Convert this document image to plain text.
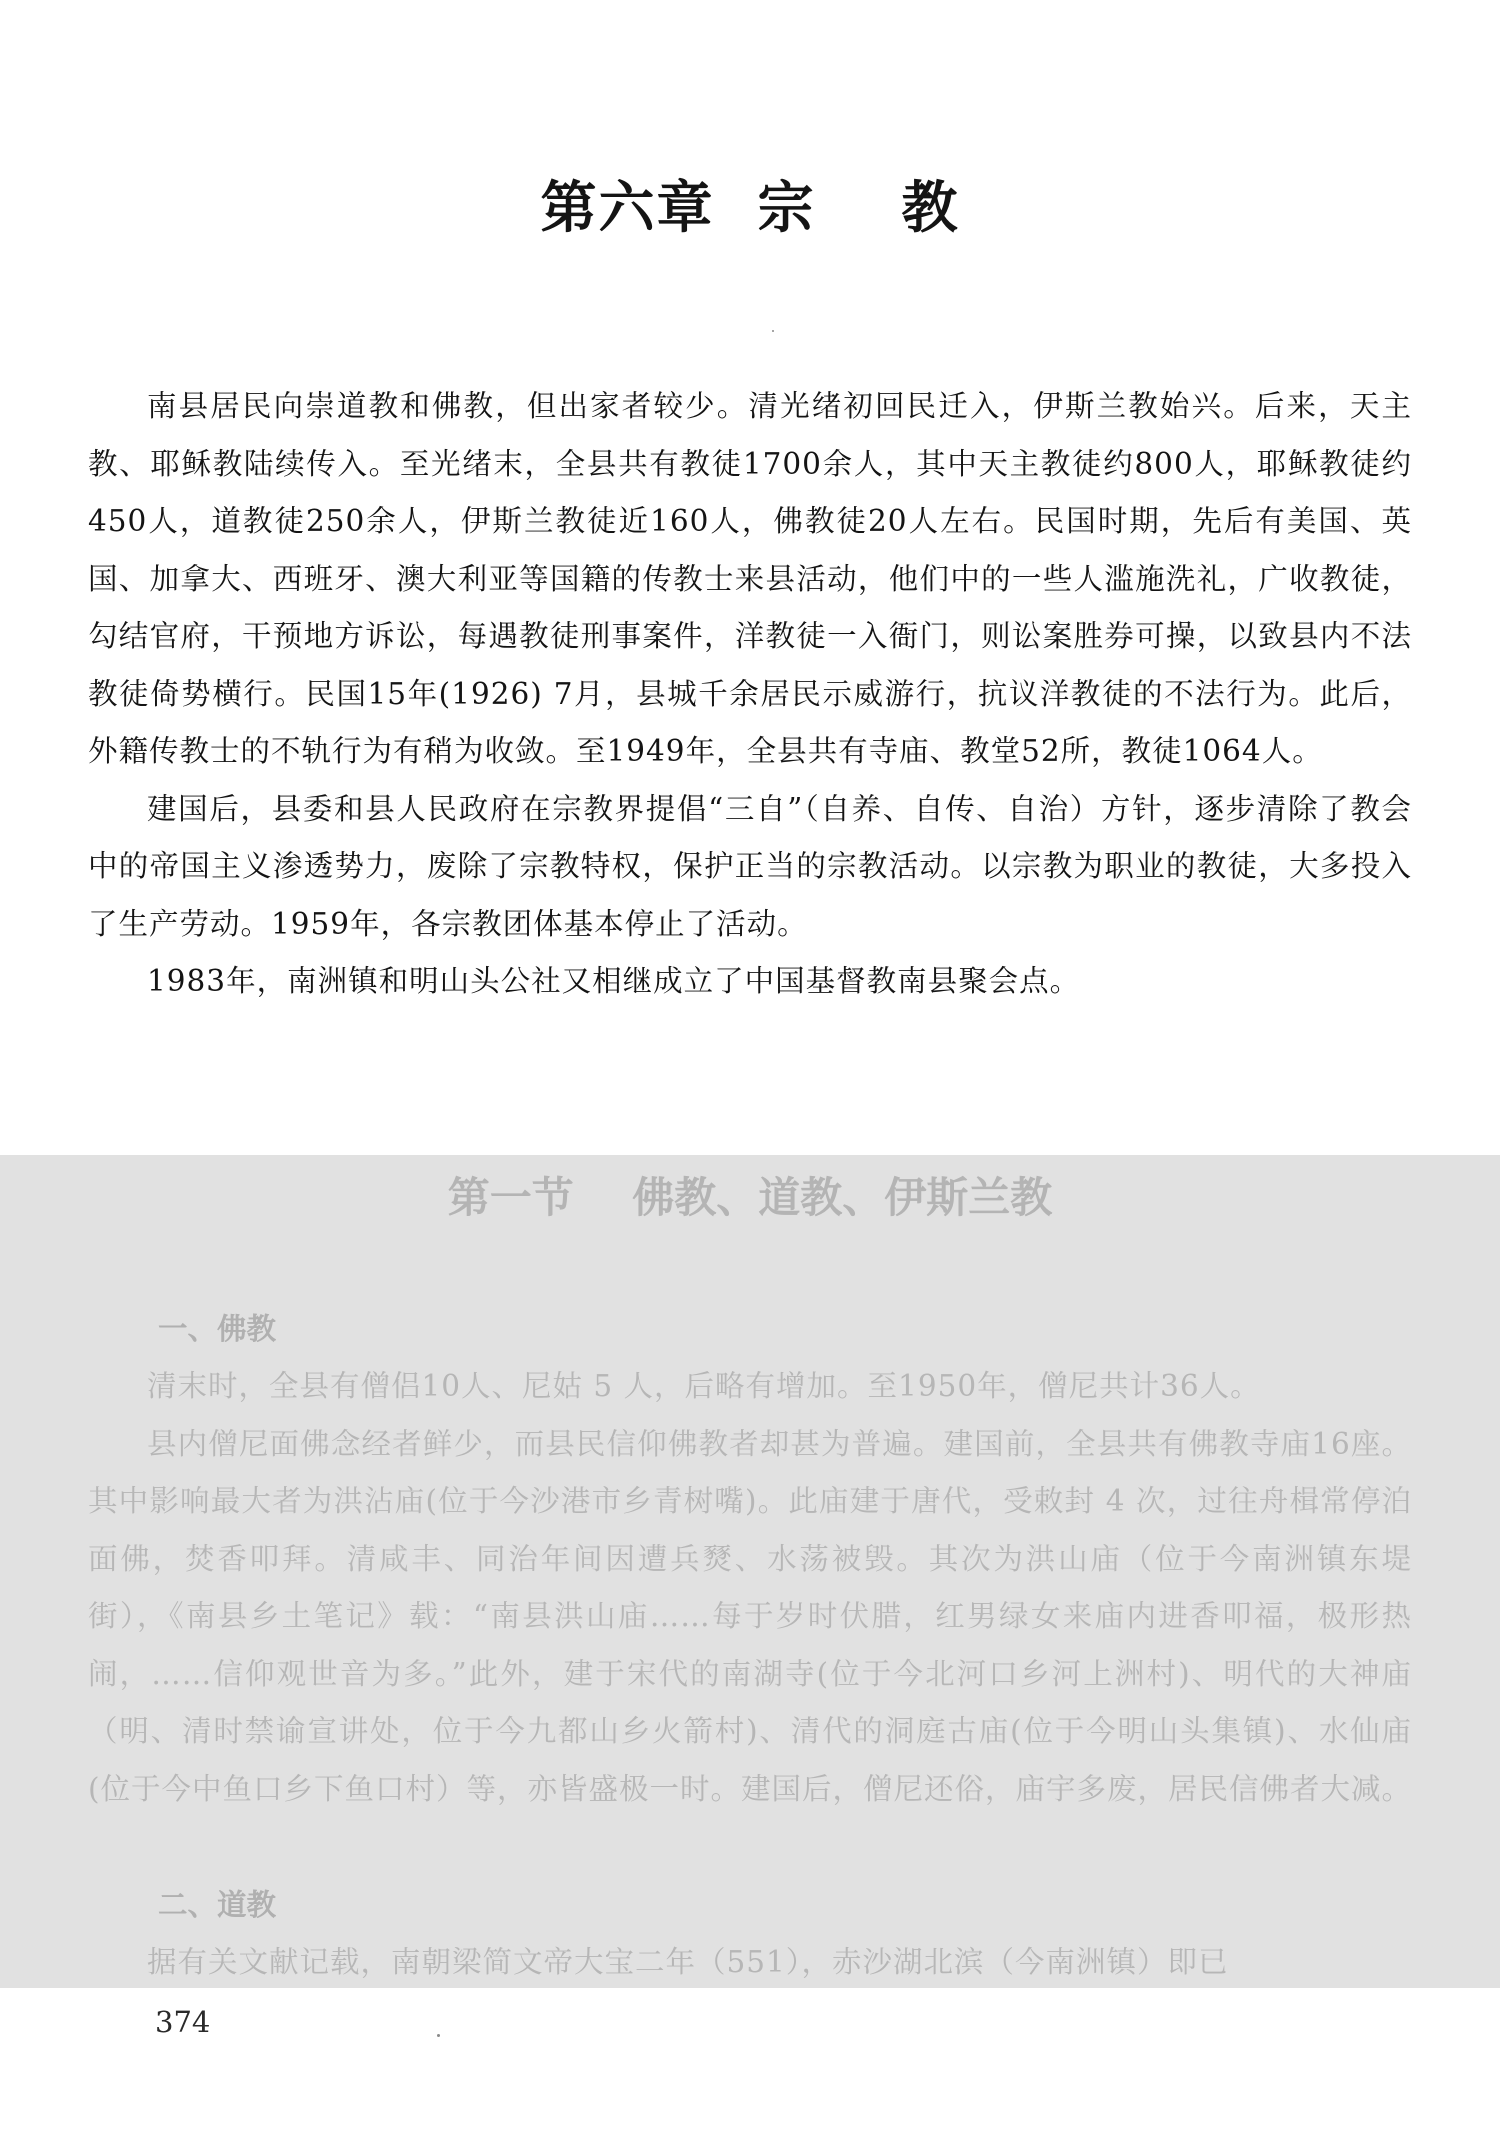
第六章  宗    教

南县居民向崇道教和佛教，但出家者较少。清光绪初回民迁入，伊斯兰教始兴。后来，天主教、耶稣教陆续传入。至光绪末，全县共有教徒1700余人，其中天主教徒约800人，耶稣教徒约450人，道教徒250余人，伊斯兰教徒近160人，佛教徒20人左右。民国时期，先后有美国、英国、加拿大、西班牙、澳大利亚等国籍的传教士来县活动，他们中的一些人滥施洗礼，广收教徒，勾结官府，干预地方诉讼，每遇教徒刑事案件，洋教徒一入衙门，则讼案胜券可操，以致县内不法教徒倚势横行。民国15年(1926) 7月，县城千余居民示威游行，抗议洋教徒的不法行为。此后，外籍传教士的不轨行为有稍为收敛。至1949年，全县共有寺庙、教堂52所，教徒1064人。

建国后，县委和县人民政府在宗教界提倡“三自”（自养、自传、自治）方针，逐步清除了教会中的帝国主义渗透势力，废除了宗教特权，保护正当的宗教活动。以宗教为职业的教徒，大多投入了生产劳动。1959年，各宗教团体基本停止了活动。

1983年，南洲镇和明山头公社又相继成立了中国基督教南县聚会点。

第一节    佛教、道教、伊斯兰教
一、佛教

清末时，全县有僧侣10人、尼姑 5 人，后略有增加。至1950年，僧尼共计36人。

县内僧尼面佛念经者鲜少，而县民信仰佛教者却甚为普遍。建国前，全县共有佛教寺庙16座。其中影响最大者为洪沾庙(位于今沙港市乡青树嘴)。此庙建于唐代，受敕封 4 次，过往舟楫常停泊面佛，焚香叩拜。清咸丰、同治年间因遭兵燹、水荡被毁。其次为洪山庙（位于今南洲镇东堤街），《南县乡土笔记》载：“南县洪山庙……每于岁时伏腊，红男绿女来庙内进香叩福，极形热闹，……信仰观世音为多。”此外，建于宋代的南湖寺(位于今北河口乡河上洲村)、明代的大神庙（明、清时禁谕宣讲处，位于今九都山乡火箭村)、清代的洞庭古庙(位于今明山头集镇)、水仙庙(位于今中鱼口乡下鱼口村）等，亦皆盛极一时。建国后，僧尼还俗，庙宇多废，居民信佛者大减。

二、道教

据有关文献记载，南朝梁简文帝大宝二年（551），赤沙湖北滨（今南洲镇）即已

374
